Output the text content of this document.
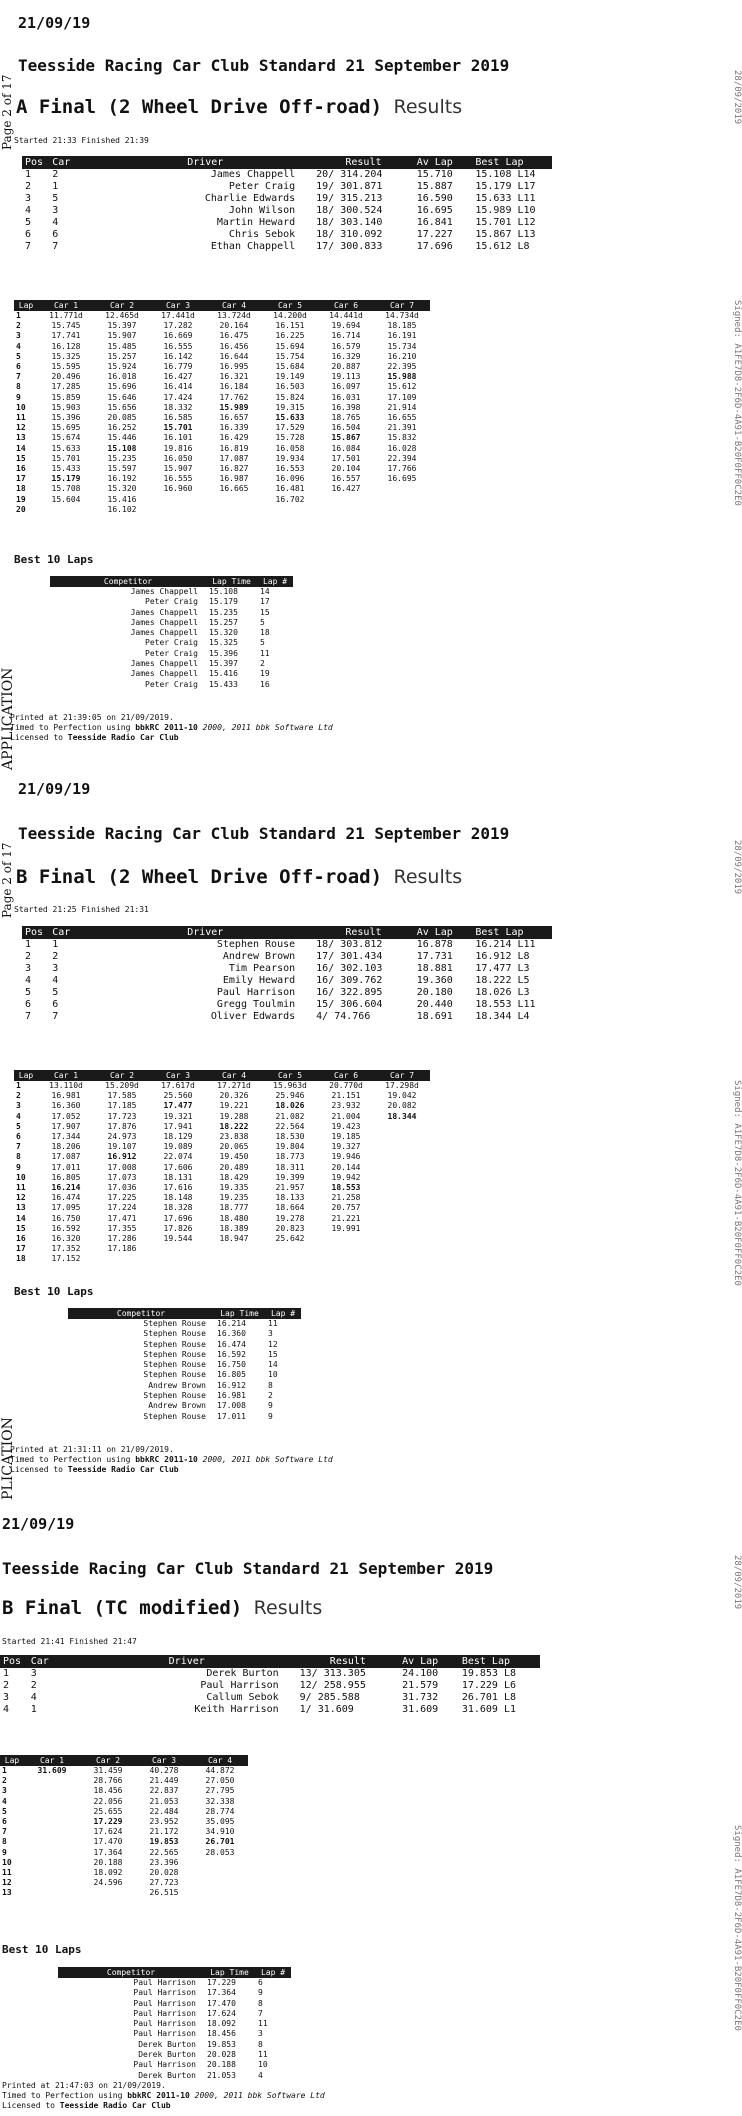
21/09/19
Teesside Racing Car Club Standard 21 September 2019
A Final (2 Wheel Drive Off-road) Results
Started 21:33 Finished 21:39
Page 2 of 17
APPLICATION
28/09/2019
Signed: A1FE7D8-2F6D-4A91-B20F0FF0C2E0
Pos	Car	Driver	Result	Av Lap	Best Lap
1	2	James Chappell	20/ 314.204	15.710	15.108 L14
2	1	Peter Craig	19/ 301.871	15.887	15.179 L17
3	5	Charlie Edwards	19/ 315.213	16.590	15.633 L11
4	3	John Wilson	18/ 300.524	16.695	15.989 L10
5	4	Martin Heward	18/ 303.140	16.841	15.701 L12
6	6	Chris Sebok	18/ 310.092	17.227	15.867 L13
7	7	Ethan Chappell	17/ 300.833	17.696	15.612 L8
Lap	Car 1	Car 2	Car 3	Car 4	Car 5	Car 6	Car 7
1	11.771d	12.465d	17.441d	13.724d	14.200d	14.441d	14.734d
2	15.745	15.397	17.282	20.164	16.151	19.694	18.185
3	17.741	15.907	16.669	16.475	16.225	16.714	16.191
4	16.128	15.485	16.555	16.456	15.694	16.579	15.734
5	15.325	15.257	16.142	16.644	15.754	16.329	16.210
6	15.595	15.924	16.779	16.995	15.684	20.887	22.395
7	20.496	16.018	16.427	16.321	19.149	19.113	15.988
8	17.285	15.696	16.414	16.184	16.503	16.097	15.612
9	15.859	15.646	17.424	17.762	15.824	16.031	17.109
10	15.903	15.656	18.332	15.989	19.315	16.398	21.914
11	15.396	20.085	16.585	16.657	15.633	18.765	16.655
12	15.695	16.252	15.701	16.339	17.529	16.504	21.391
13	15.674	15.446	16.101	16.429	15.728	15.867	15.832
14	15.633	15.108	19.816	16.819	16.058	16.084	16.028
15	15.701	15.235	16.050	17.087	19.934	17.501	22.394
16	15.433	15.597	15.907	16.827	16.553	20.104	17.766
17	15.179	16.192	16.555	16.987	16.096	16.557	16.695
18	15.708	15.320	16.960	16.665	16.481	16.427	
19	15.604	15.416			16.702		
20		16.102					
Best 10 Laps
Competitor	Lap Time	Lap #
James Chappell	15.108	14
Peter Craig	15.179	17
James Chappell	15.235	15
James Chappell	15.257	5
James Chappell	15.320	18
Peter Craig	15.325	5
Peter Craig	15.396	11
James Chappell	15.397	2
James Chappell	15.416	19
Peter Craig	15.433	16
Printed at 21:39:05 on 21/09/2019.
Timed to Perfection using bbkRC 2011-10 2000, 2011 bbk Software Ltd
Licensed to Teesside Radio Car Club
21/09/19
Teesside Racing Car Club Standard 21 September 2019
B Final (2 Wheel Drive Off-road) Results
Started 21:25 Finished 21:31
Page 2 of 17
PLICATION
28/09/2019
Signed: A1FE7D8-2F6D-4A91-B20F0FF0C2E0
Pos	Car	Driver	Result	Av Lap	Best Lap
1	1	Stephen Rouse	18/ 303.812	16.878	16.214 L11
2	2	Andrew Brown	17/ 301.434	17.731	16.912 L8
3	3	Tim Pearson	16/ 302.103	18.881	17.477 L3
4	4	Emily Heward	16/ 309.762	19.360	18.222 L5
5	5	Paul Harrison	16/ 322.895	20.180	18.026 L3
6	6	Gregg Toulmin	15/ 306.604	20.440	18.553 L11
7	7	Oliver Edwards	4/ 74.766	18.691	18.344 L4
Lap	Car 1	Car 2	Car 3	Car 4	Car 5	Car 6	Car 7
1	13.110d	15.209d	17.617d	17.271d	15.963d	20.770d	17.298d
2	16.981	17.585	25.560	20.326	25.946	21.151	19.042
3	16.360	17.185	17.477	19.221	18.026	23.932	20.082
4	17.052	17.723	19.321	19.288	21.082	21.004	18.344
5	17.907	17.876	17.941	18.222	22.564	19.423	
6	17.344	24.973	18.129	23.838	18.530	19.185	
7	18.206	19.107	19.089	20.065	19.804	19.327	
8	17.087	16.912	22.074	19.450	18.773	19.946	
9	17.011	17.008	17.606	20.489	18.311	20.144	
10	16.805	17.073	18.131	18.429	19.399	19.942	
11	16.214	17.036	17.616	19.335	21.957	18.553	
12	16.474	17.225	18.148	19.235	18.133	21.258	
13	17.095	17.224	18.328	18.777	18.664	20.757	
14	16.750	17.471	17.696	18.480	19.278	21.221	
15	16.592	17.355	17.826	18.389	20.823	19.991	
16	16.320	17.286	19.544	18.947	25.642		
17	17.352	17.186					
18	17.152						
Best 10 Laps
Competitor	Lap Time	Lap #
Stephen Rouse	16.214	11
Stephen Rouse	16.360	3
Stephen Rouse	16.474	12
Stephen Rouse	16.592	15
Stephen Rouse	16.750	14
Stephen Rouse	16.805	10
Andrew Brown	16.912	8
Stephen Rouse	16.981	2
Andrew Brown	17.008	9
Stephen Rouse	17.011	9
Printed at 21:31:11 on 21/09/2019.
Timed to Perfection using bbkRC 2011-10 2000, 2011 bbk Software Ltd
Licensed to Teesside Radio Car Club
21/09/19
Teesside Racing Car Club Standard 21 September 2019
B Final (TC modified) Results
Started 21:41 Finished 21:47
28/09/2019
Signed: A1FE7D8-2F6D-4A91-B20F0FF0C2E0
Pos	Car	Driver	Result	Av Lap	Best Lap
1	3	Derek Burton	13/ 313.305	24.100	19.853 L8
2	2	Paul Harrison	12/ 258.955	21.579	17.229 L6
3	4	Callum Sebok	9/ 285.588	31.732	26.701 L8
4	1	Keith Harrison	1/ 31.609	31.609	31.609 L1
Lap	Car 1	Car 2	Car 3	Car 4
1	31.609	31.459	40.278	44.872
2		28.766	21.449	27.050
3		18.456	22.837	27.795
4		22.056	21.053	32.338
5		25.655	22.484	28.774
6		17.229	23.952	35.095
7		17.624	21.172	34.910
8		17.470	19.853	26.701
9		17.364	22.565	28.053
10		20.188	23.396	
11		18.092	20.028	
12		24.596	27.723	
13			26.515	
Best 10 Laps
Competitor	Lap Time	Lap #
Paul Harrison	17.229	6
Paul Harrison	17.364	9
Paul Harrison	17.470	8
Paul Harrison	17.624	7
Paul Harrison	18.092	11
Paul Harrison	18.456	3
Derek Burton	19.853	8
Derek Burton	20.028	11
Paul Harrison	20.188	10
Derek Burton	21.053	4
Printed at 21:47:03 on 21/09/2019.
Timed to Perfection using bbkRC 2011-10 2000, 2011 bbk Software Ltd
Licensed to Teesside Radio Car Club
